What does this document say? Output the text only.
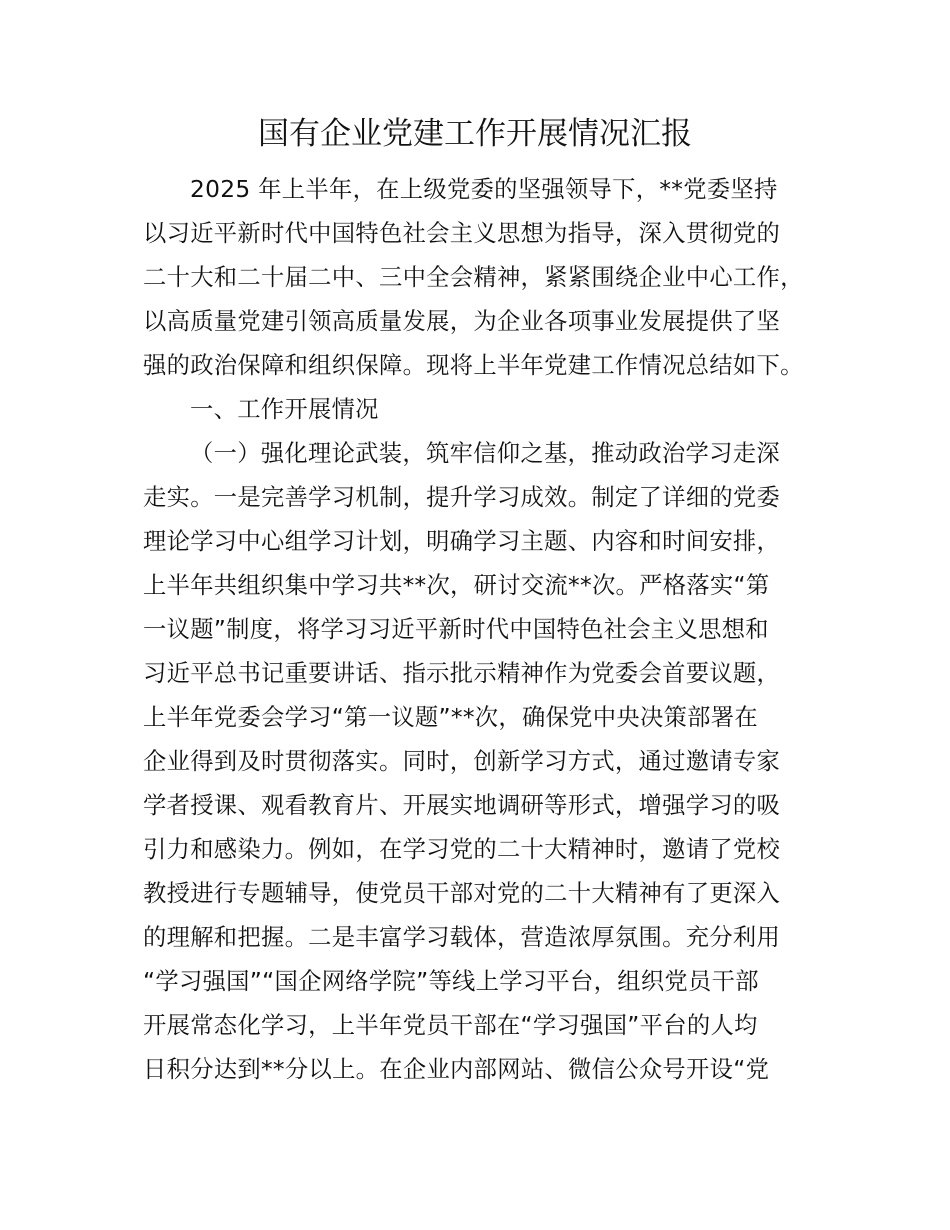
国有企业党建工作开展情况汇报
2025 年上半年，在上级党委的坚强领导下，**党委坚持
以习近平新时代中国特色社会主义思想为指导，深入贯彻党的
二十大和二十届二中、三中全会精神，紧紧围绕企业中心工作，
以高质量党建引领高质量发展，为企业各项事业发展提供了坚
强的政治保障和组织保障。现将上半年党建工作情况总结如下。
一、工作开展情况
（一）强化理论武装，筑牢信仰之基，推动政治学习走深
走实。一是完善学习机制，提升学习成效。制定了详细的党委
理论学习中心组学习计划，明确学习主题、内容和时间安排，
上半年共组织集中学习共**次，研讨交流**次。严格落实“第
一议题”制度，将学习习近平新时代中国特色社会主义思想和
习近平总书记重要讲话、指示批示精神作为党委会首要议题，
上半年党委会学习“第一议题”**次，确保党中央决策部署在
企业得到及时贯彻落实。同时，创新学习方式，通过邀请专家
学者授课、观看教育片、开展实地调研等形式，增强学习的吸
引力和感染力。例如，在学习党的二十大精神时，邀请了党校
教授进行专题辅导，使党员干部对党的二十大精神有了更深入
的理解和把握。二是丰富学习载体，营造浓厚氛围。充分利用
“学习强国”“国企网络学院”等线上学习平台，组织党员干部
开展常态化学习，上半年党员干部在“学习强国”平台的人均
日积分达到**分以上。在企业内部网站、微信公众号开设“党
